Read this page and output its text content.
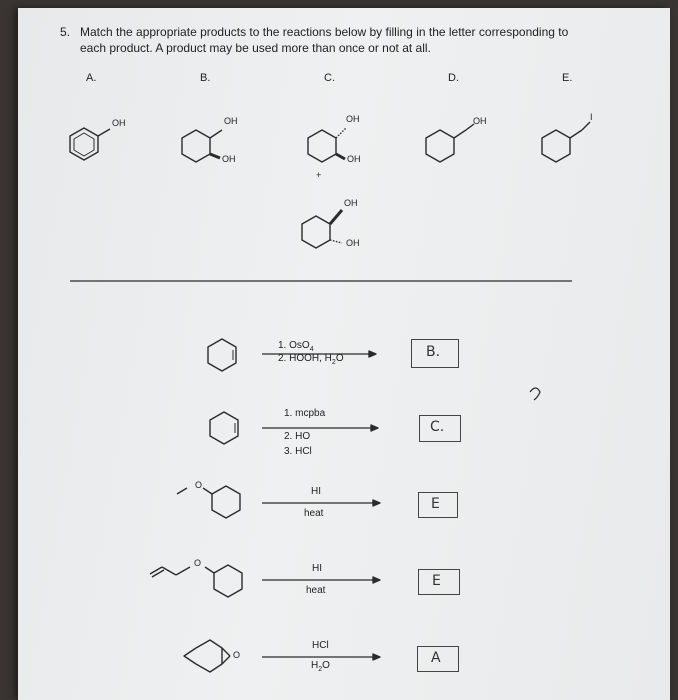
5. Match the appropriate products to the reactions below by filling in the letter corresponding to
each product. A product may be used more than once or not at all.
A.	B.	C.	D.	E.
OH	OH
OH
OH
OH
+
OH
OH
OH	I
1. OsO$_4$
2. HOOH, $H_2O$
1. mcpba
2. HO
3. HCl
O
HI
heat
O	HI
heat
O
HCl
$H_2O$
B.
C.
E
E
A
